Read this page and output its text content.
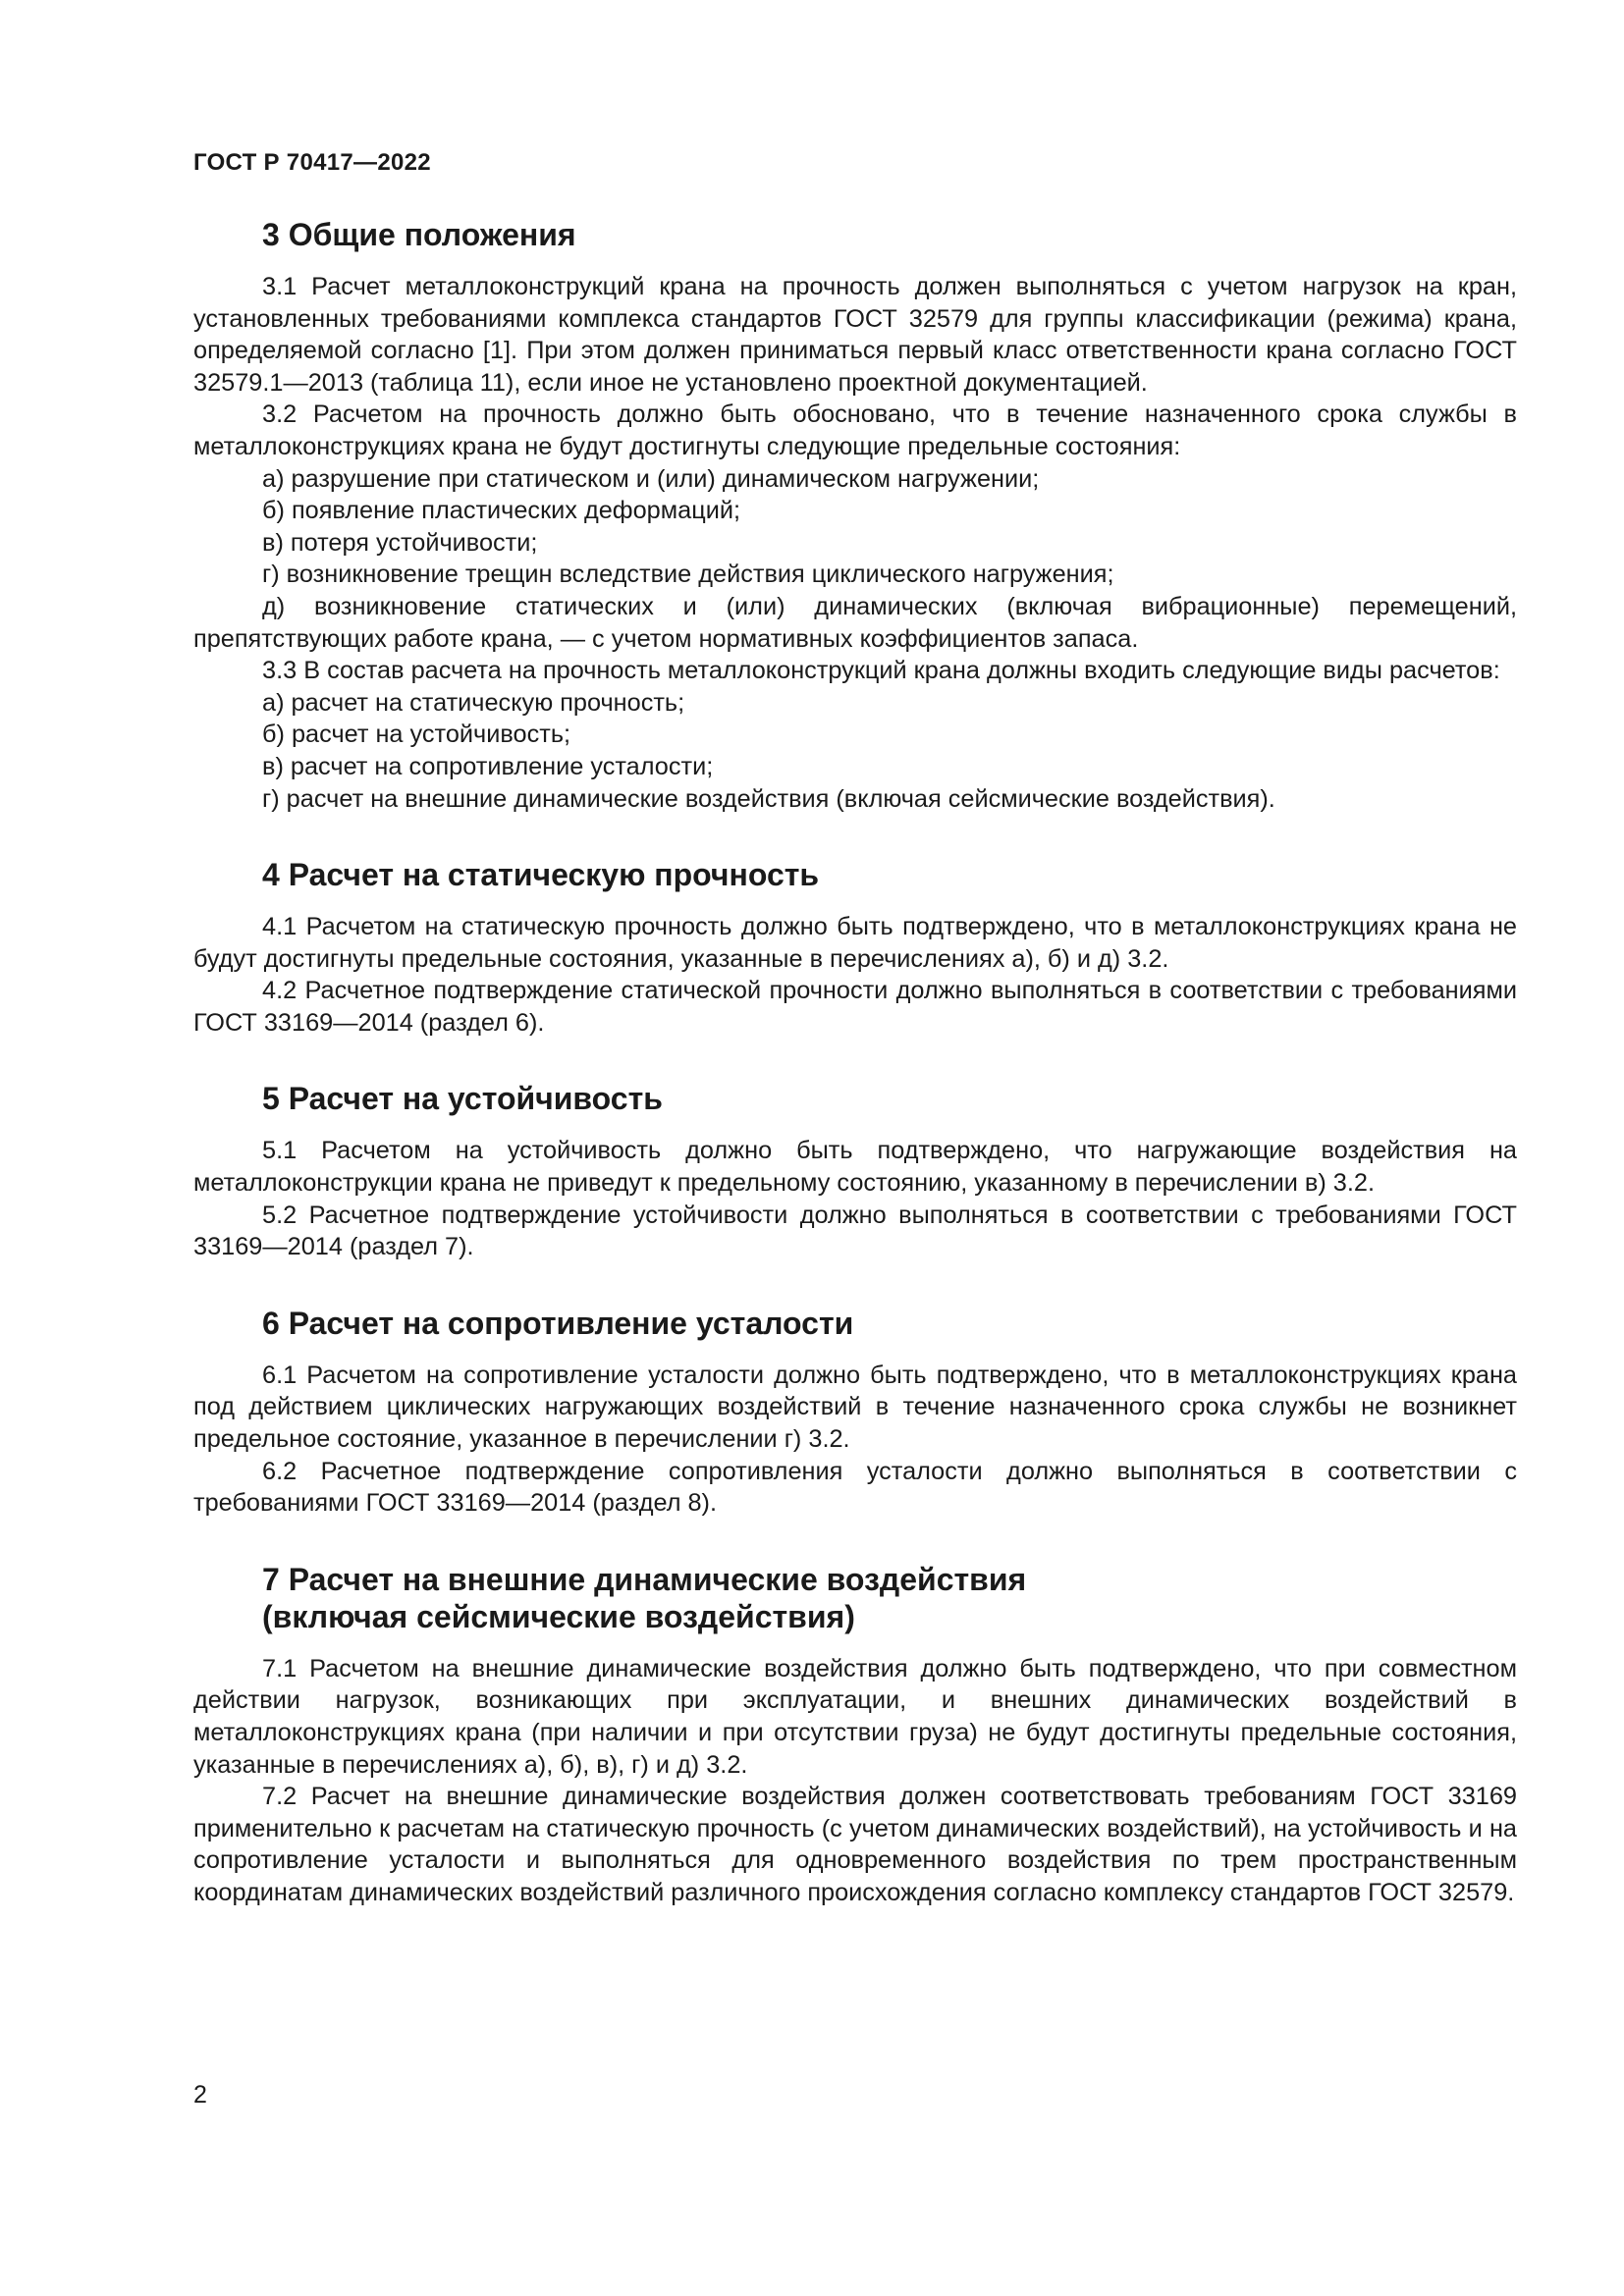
ГОСТ Р 70417—2022
3 Общие положения

3.1 Расчет металлоконструкций крана на прочность должен выполняться с учетом нагрузок на кран, установленных требованиями комплекса стандартов ГОСТ 32579 для группы классификации (режима) крана, определяемой согласно [1]. При этом должен приниматься первый класс ответственности крана согласно ГОСТ 32579.1—2013 (таблица 11), если иное не установлено проектной документацией.

3.2 Расчетом на прочность должно быть обосновано, что в течение назначенного срока службы в металлоконструкциях крана не будут достигнуты следующие предельные состояния:

а) разрушение при статическом и (или) динамическом нагружении;

б) появление пластических деформаций;

в) потеря устойчивости;

г) возникновение трещин вследствие действия циклического нагружения;

д) возникновение статических и (или) динамических (включая вибрационные) перемещений, препятствующих работе крана, — с учетом нормативных коэффициентов запаса.

3.3 В состав расчета на прочность металлоконструкций крана должны входить следующие виды расчетов:

а) расчет на статическую прочность;

б) расчет на устойчивость;

в) расчет на сопротивление усталости;

г) расчет на внешние динамические воздействия (включая сейсмические воздействия).

4 Расчет на статическую прочность

4.1 Расчетом на статическую прочность должно быть подтверждено, что в металлоконструкциях крана не будут достигнуты предельные состояния, указанные в перечислениях а), б) и д) 3.2.

4.2 Расчетное подтверждение статической прочности должно выполняться в соответствии с требованиями ГОСТ 33169—2014 (раздел 6).

5 Расчет на устойчивость

5.1 Расчетом на устойчивость должно быть подтверждено, что нагружающие воздействия на металлоконструкции крана не приведут к предельному состоянию, указанному в перечислении в) 3.2.

5.2 Расчетное подтверждение устойчивости должно выполняться в соответствии с требованиями ГОСТ 33169—2014 (раздел 7).

6 Расчет на сопротивление усталости

6.1 Расчетом на сопротивление усталости должно быть подтверждено, что в металлоконструкциях крана под действием циклических нагружающих воздействий в течение назначенного срока службы не возникнет предельное состояние, указанное в перечислении г) 3.2.

6.2 Расчетное подтверждение сопротивления усталости должно выполняться в соответствии с требованиями ГОСТ 33169—2014 (раздел 8).

7 Расчет на внешние динамические воздействия
(включая сейсмические воздействия)

7.1 Расчетом на внешние динамические воздействия должно быть подтверждено, что при совместном действии нагрузок, возникающих при эксплуатации, и внешних динамических воздействий в металлоконструкциях крана (при наличии и при отсутствии груза) не будут достигнуты предельные состояния, указанные в перечислениях а), б), в), г) и д) 3.2.

7.2 Расчет на внешние динамические воздействия должен соответствовать требованиям ГОСТ 33169 применительно к расчетам на статическую прочность (с учетом динамических воздействий), на устойчивость и на сопротивление усталости и выполняться для одновременного воздействия по трем пространственным координатам динамических воздействий различного происхождения согласно комплексу стандартов ГОСТ 32579.

2
